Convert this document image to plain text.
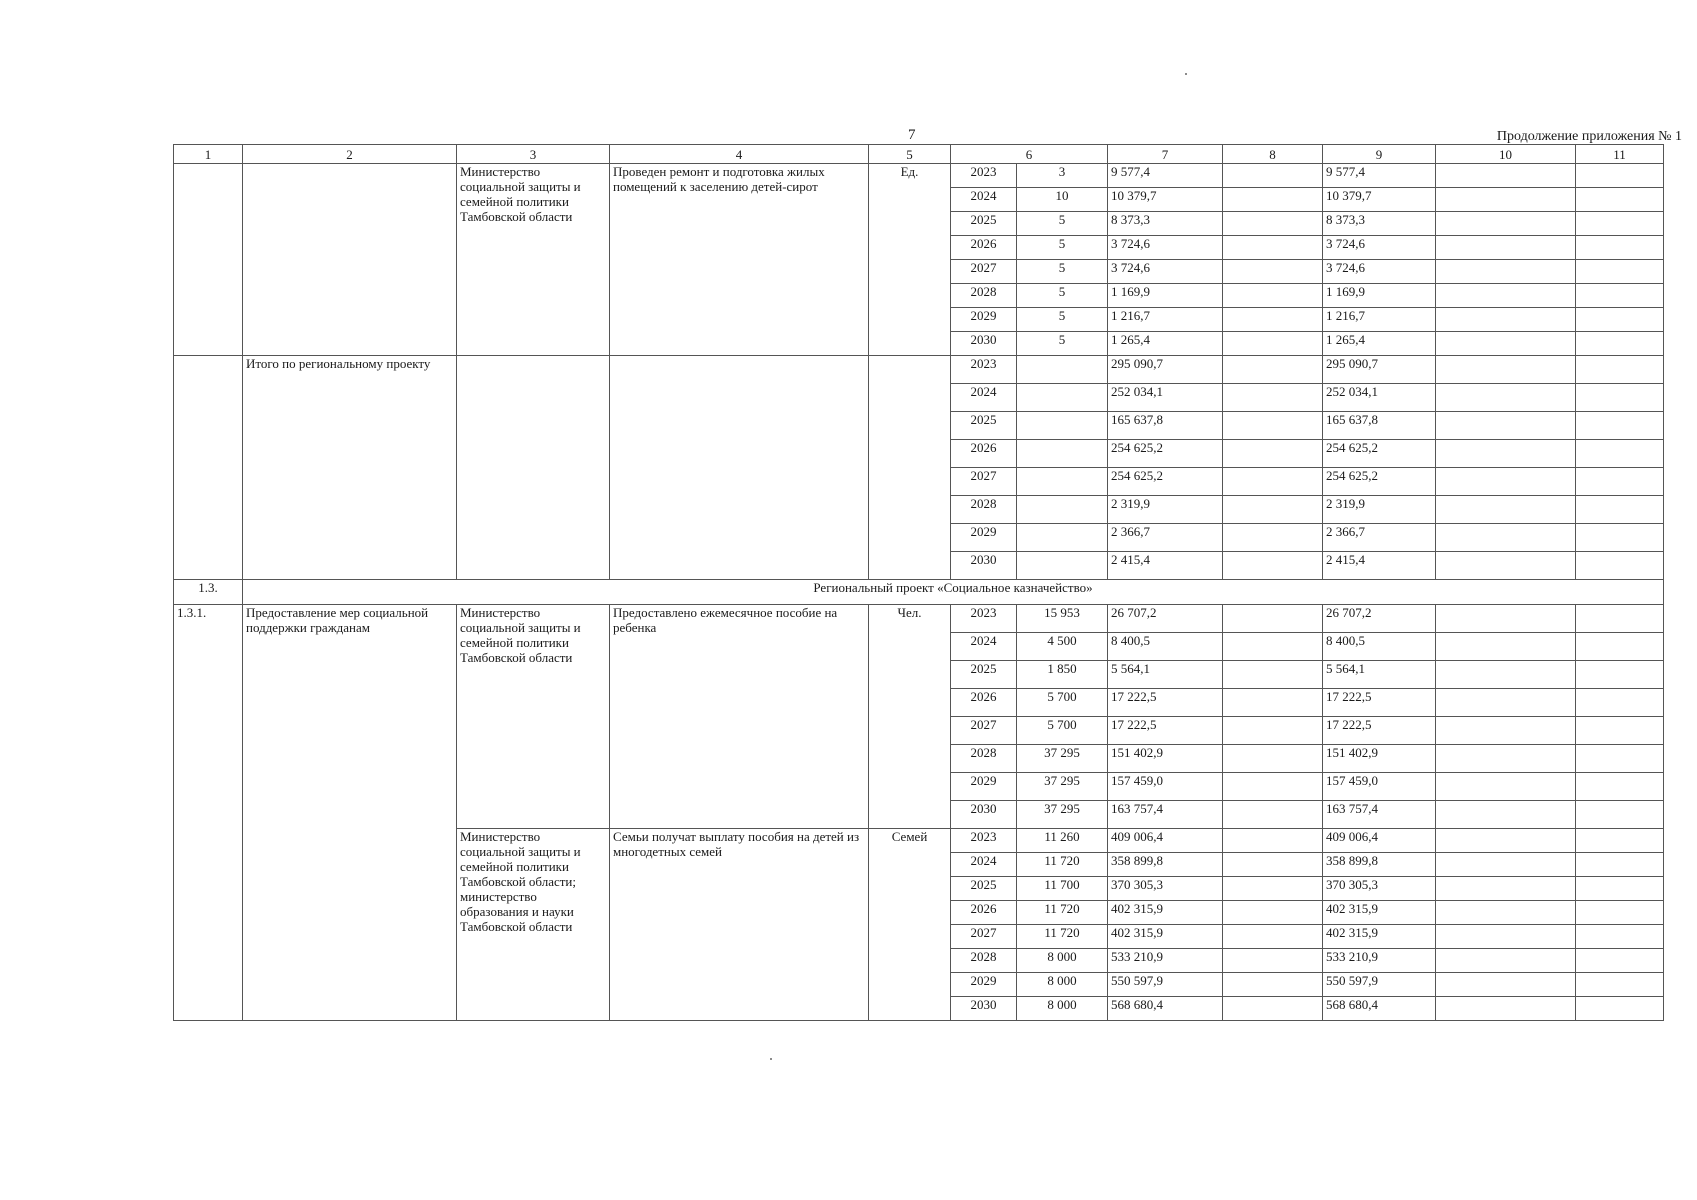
7	Продолжение приложения № 1
1	2	3	4	5	6		7	8	9	10	11
		Министерство социальной защиты и семейной политики Тамбовской области	Проведен ремонт и подготовка жилых помещений к заселению детей-сирот	Ед.	2023	3	9 577,4		9 577,4		
					2024	10	10 379,7		10 379,7		
					2025	5	8 373,3		8 373,3		
					2026	5	3 724,6		3 724,6		
					2027	5	3 724,6		3 724,6		
					2028	5	1 169,9		1 169,9		
					2029	5	1 216,7		1 216,7		
					2030	5	1 265,4		1 265,4		
	Итого по региональному проекту				2023		295 090,7		295 090,7		
					2024		252 034,1		252 034,1		
					2025		165 637,8		165 637,8		
					2026		254 625,2		254 625,2		
					2027		254 625,2		254 625,2		
					2028		2 319,9		2 319,9		
					2029		2 366,7		2 366,7		
					2030		2 415,4		2 415,4		
1.3.	Региональный проект «Социальное казначейство»										
1.3.1.	Предоставление мер социальной поддержки гражданам	Министерство социальной защиты и семейной политики Тамбовской области	Предоставлено ежемесячное пособие на ребенка	Чел.	2023	15 953	26 707,2		26 707,2		
					2024	4 500	8 400,5		8 400,5		
					2025	1 850	5 564,1		5 564,1		
					2026	5 700	17 222,5		17 222,5		
					2027	5 700	17 222,5		17 222,5		
					2028	37 295	151 402,9		151 402,9		
					2029	37 295	157 459,0		157 459,0		
					2030	37 295	163 757,4		163 757,4		
		Министерство социальной защиты и семейной политики Тамбовской области; министерство образования и науки Тамбовской области	Семьи получат выплату пособия на детей из многодетных семей	Семей	2023	11 260	409 006,4		409 006,4		
					2024	11 720	358 899,8		358 899,8		
					2025	11 700	370 305,3		370 305,3		
					2026	11 720	402 315,9		402 315,9		
					2027	11 720	402 315,9		402 315,9		
					2028	8 000	533 210,9		533 210,9		
					2029	8 000	550 597,9		550 597,9		
					2030	8 000	568 680,4		568 680,4		
